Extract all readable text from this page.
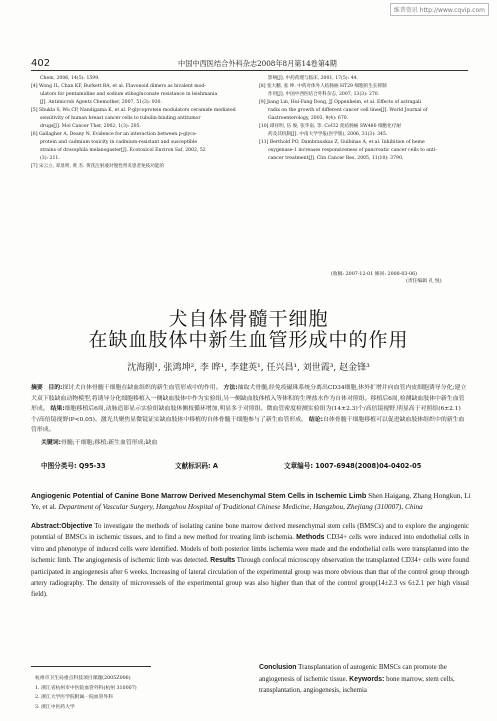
维普资讯 http://www.cqvip.com
402	中国中西医结合外科杂志2008年8月第14卷第4期
Chem, 2006, 14(5): 1599.
[4] Wong IL, Chan KF, Burkett BA, et al. Flavonoid dimers as bivalent mod-
ulators for pentamidine and sodium stibogluconate resistance in leishmania
[J]. Antimicrob Agents Chemother, 2007, 51(3): 930.
[5] Shukla S, Wu CP, Nandigama K, et al. P-glycoprotein modulators ceramide mediated
sensitivity of human breast cancer cells to tubulin-binding antitumor
drugs[J]. Mol Cancer Ther, 2002, 1(3): 205.
[6] Gallagher A, Deany N. Evidence for an interaction between p-glyco-
protein and cadmium toxicity in cadmium-resistant and susceptible
strains of drosophila melanogaster[J]. Ecotoxicol Environ Saf, 2002, 52
(3): 211.
[7] 宋云立, 邓显明, 黄 杰. 黄芪注射液对慢性肾炎患者免疫功能的
影响[J]. 中药药理与临床, 2001, 17(5): 44.
[8] 张大鹏, 张 坤. 中药对体外人结肠癌 HT29 细胞的生长抑制
作用[J]. 中国中西医结合外科杂志, 2007, 13(3): 270.
[9] Jiang Lin, Hui-Fang Dong, JJ Oppenheim, et al. Effects of astragali
radix on the growth of different cancer cell lines[J]. World Journal of
Gastroenterology, 2003, 9(4): 670.
[10] 谭祥明, 伍 俊, 张华南, 等. CoCl2 促结肠癌 SW480 细胞化疗耐
药及其机制[J]. 中南大学学报(医学版), 2006, 31(3): 345.
[11] Berthold PO, Dambrauskas Z, Gulbinas A, et al. Inhibition of heme
oxygenase-1 increases responsiveness of pancreatic cancer cells to anti-
cancer treatment[J]. Clin Cancer Res, 2005, 11(10): 3790.
(收稿: 2007-12-01 修回: 2008-03-06)
(责任编辑 孔 悦)
犬自体骨髓干细胞
在缺血肢体中新生血管形成中的作用
沈海刚¹, 张鸿坤², 李 晔¹, 李建英¹, 任兴昌¹, 刘世霞³, 赵金锋³
摘要 目的:探讨犬自体骨髓干细胞在缺血组织的新生血管形成中的作用。 方法:抽取犬骨髓,经免疫磁珠系统分离出CD34细胞,体外扩增并向血管内皮细胞诱导分化;建立犬双下肢缺血动物模型,将诱导分化细胞移植入一侧缺血肢体中作为实验组,另一侧缺血肢体植入等体积的生理盐水作为自体对照组。移植后6周,检测缺血肢体中新生血管形成。 结果:细胞移植后6周,动脉造影显示实验组缺血肢体侧枝循环增加,明显多于对照组。微血管密度检测实验组为(14±2.3)个/高倍镜视野,明显高于对照组(6±2.1)个/高倍镜视野(P<0.05)。激光共聚焦显微镜证实缺血肢体中移植的自体骨髓干细胞参与了新生血管形成。 结论:自体骨髓干细胞移植可以促进缺血肢体组织中的新生血管形成。
关键词:骨髓;干细胞;移植;新生血管形成;缺血
中图分类号: Q95-33	文献标识码: A	文章编号: 1007-6948(2008)04-0402-05
Angiogenic Potential of Canine Bone Marrow Derived Mesenchymal Stem Cells in Ischemic Limb Shen Haigang, Zhang Hongkun, Li Ye, et al. Department of Vascular Surgery, Hangzhou Hospital of Traditional Chinese Medicine, Hangzhou, Zhejiang (310007), China
Abstract:Objective To investigate the methods of isolating canine bone marrow derived mesenchymal stem cells (BMSCs) and to explore the angiogenic potential of BMSCs in ischemic tissues, and to find a new method for treating limb ischemia. Methods CD34+ cells were induced into endothelial cells in vitro and phenotype of induced cells were identified. Models of both posterior limbs ischemia were made and the endothelial cells were transplanted into the ischemic limb. The angiogenesis of ischemic limb was detected. Results Through confocal microscopy observation the transplanted CD34+ cells were found participated in angiogenesis after 6 weeks. Increasing of lateral circulation of the experimental group was more obvious than that of the control group through artery radiography. The density of microvessels of the experimental group was also higher than that of the control group(14±2.3 vs 6±2.1 per high visual field).
Conclusion Transplantation of autogenic BMSCs can promote the angiogenesis of ischemic tissue. Keywords: bone marrow, stem cells, transplantation, angiogenesis, ischemia
杭州市卫生局重点科技项目课题(2005Z006)
1. 浙江省杭州市中医院血管外科(杭州 310007)
2. 浙江大学医学院附属一院血管外科
3. 浙江中医药大学
